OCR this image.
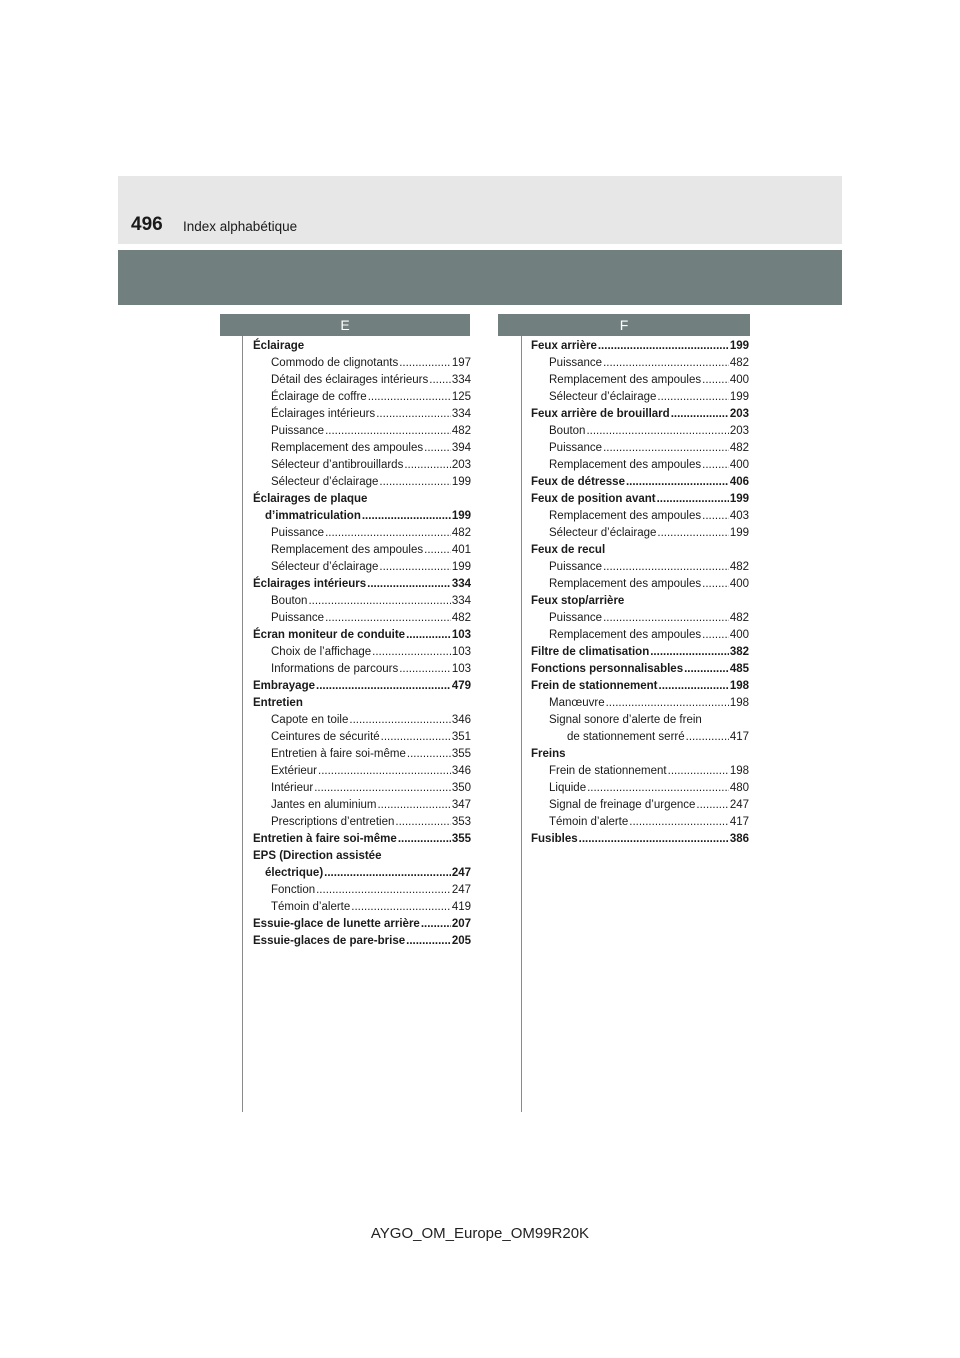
496 Index alphabétique
E	F
Éclairage
Commodo de clignotants .....	197
Détail des éclairages intérieurs ..... 334
Éclairage de coffre .....	125
Éclairages intérieurs .....	334
Puissance .....	482
Remplacement des ampoules ..... 394
Sélecteur d’antibrouillards .....	203
Sélecteur d’éclairage .....	199
Éclairages de plaque
d’immatriculation .....	199
Puissance .....	482
Remplacement des ampoules ..... 401
Sélecteur d’éclairage .....	199
Éclairages intérieurs .....	334
Bouton .....	334
Puissance .....	482
Écran moniteur de conduite .....	103
Choix de l’affichage .....	103
Informations de parcours .....	103
Embrayage .....	479
Entretien
Capote en toile .....	346
Ceintures de sécurité .....	351
Entretien à faire soi-même .....	355
Extérieur .....	346
Intérieur .....	350
Jantes en aluminium .....	347
Prescriptions d’entretien .....	353
Entretien à faire soi-même .....	355
EPS (Direction assistée
électrique) .....	247
Fonction .....	247
Témoin d’alerte .....	419
Essuie-glace de lunette arrière .....	207
Essuie-glaces de pare-brise .....	205
Feux arrière .....	199
Puissance .....	482
Remplacement des ampoules ..... 400
Sélecteur d’éclairage .....	199
Feux arrière de brouillard .....	203
Bouton .....	203
Puissance .....	482
Remplacement des ampoules ..... 400
Feux de détresse .....	406
Feux de position avant .....	199
Remplacement des ampoules ..... 403
Sélecteur d’éclairage .....	199
Feux de recul
Puissance .....	482
Remplacement des ampoules ..... 400
Feux stop/arrière
Puissance .....	482
Remplacement des ampoules ..... 400
Filtre de climatisation .....	382
Fonctions personnalisables .....	485
Frein de stationnement .....	198
Manœuvre .....	198
Signal sonore d’alerte de frein
de stationnement serré .....	417
Freins
Frein de stationnement .....	198
Liquide .....	480
Signal de freinage d’urgence .....	247
Témoin d’alerte .....	417
Fusibles .....	386
AYGO_OM_Europe_OM99R20K
